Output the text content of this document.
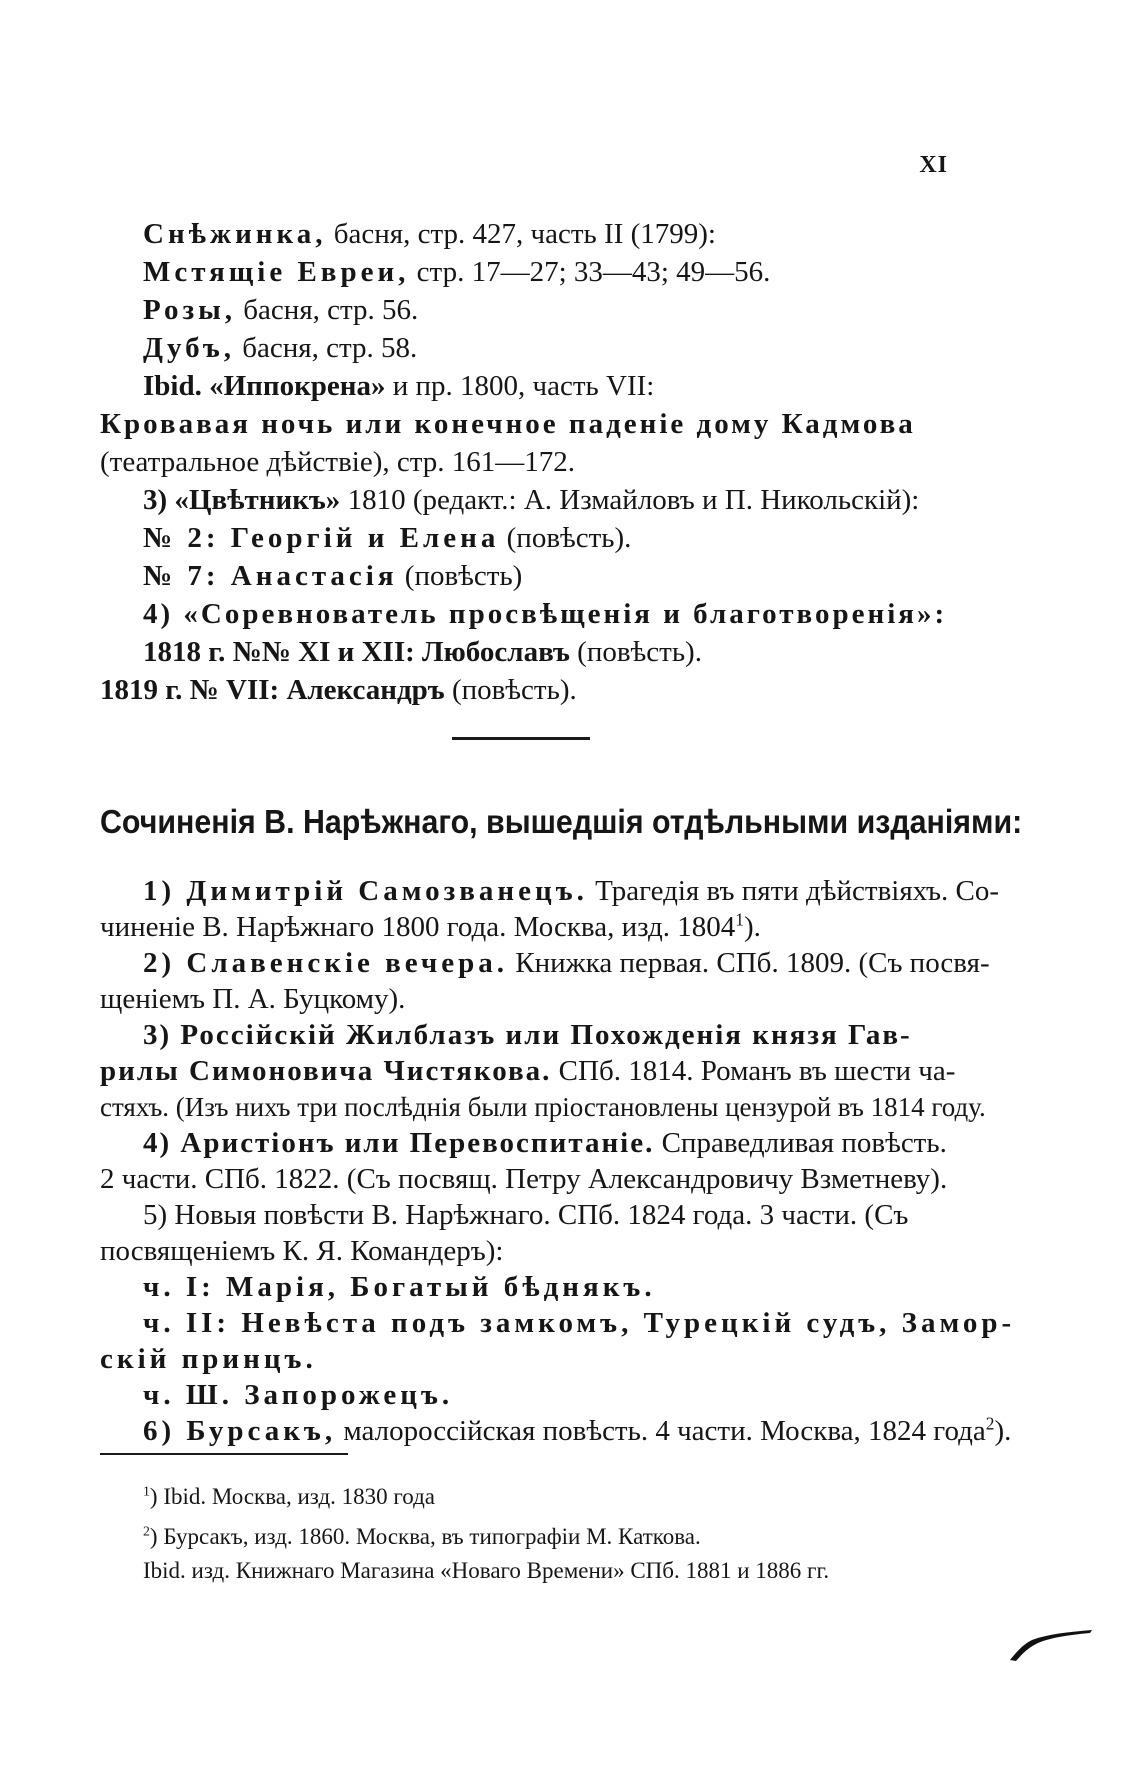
XI
Снѣжинка, басня, стр. 427, часть II (1799):
Мстящіе Евреи, стр. 17—27; 33—43; 49—56.
Розы, басня, стр. 56.
Дубъ, басня, стр. 58.
Ibid. «Иппокрена» и пр. 1800, часть VII:
Кровавая ночь или конечное паденіе дому Кадмова
(театральное дѣйствіе), стр. 161—172.
3) «Цвѣтникъ» 1810 (редакт.: А. Измайловъ и П. Никольскій):
№ 2: Георгій и Елена (повѣсть).
№ 7: Анастасія (повѣсть)
4) «Соревнователь просвѣщенія и благотворенія»:
1818 г. №№ XI и XII: Любославъ (повѣсть).
1819 г. № VII: Александръ (повѣсть).
Сочиненія В. Нарѣжнаго, вышедшія отдѣльными изданіями:
1) Димитрій Самозванецъ. Трагедія въ пяти дѣйствіяхъ. Со-
чиненіе В. Нарѣжнаго 1800 года. Москва, изд. 1804$^1$).
2) Славенскіе вечера. Книжка первая. СПб. 1809. (Съ посвя-
щеніемъ П. А. Буцкому).
3) Россійскій Жилблазъ или Похожденія князя Гав-
рилы Симоновича Чистякова. СПб. 1814. Романъ въ шести ча-
стяхъ. (Изъ нихъ три послѣднія были пріостановлены цензурой въ 1814 году.
4) Аристіонъ или Перевоспитаніе. Справедливая повѣсть.
2 части. СПб. 1822. (Съ посвящ. Петру Александровичу Взметневу).
5) Новыя повѣсти В. Нарѣжнаго. СПб. 1824 года. 3 части. (Съ
посвященіемъ К. Я. Командеръ):
ч. I: Марія, Богатый бѣднякъ.
ч. II: Невѣста подъ замкомъ, Турецкій судъ, Замор-
скій принцъ.
ч. Ш. Запорожецъ.
6) Бурсакъ, малороссійская повѣсть. 4 части. Москва, 1824 года$^2$).
$^1$) Ibid. Москва, изд. 1830 года
$^2$) Бурсакъ, изд. 1860. Москва, въ типографіи М. Каткова.
Ibid. изд. Книжнаго Магазина «Новаго Времени» СПб. 1881 и 1886 гг.
